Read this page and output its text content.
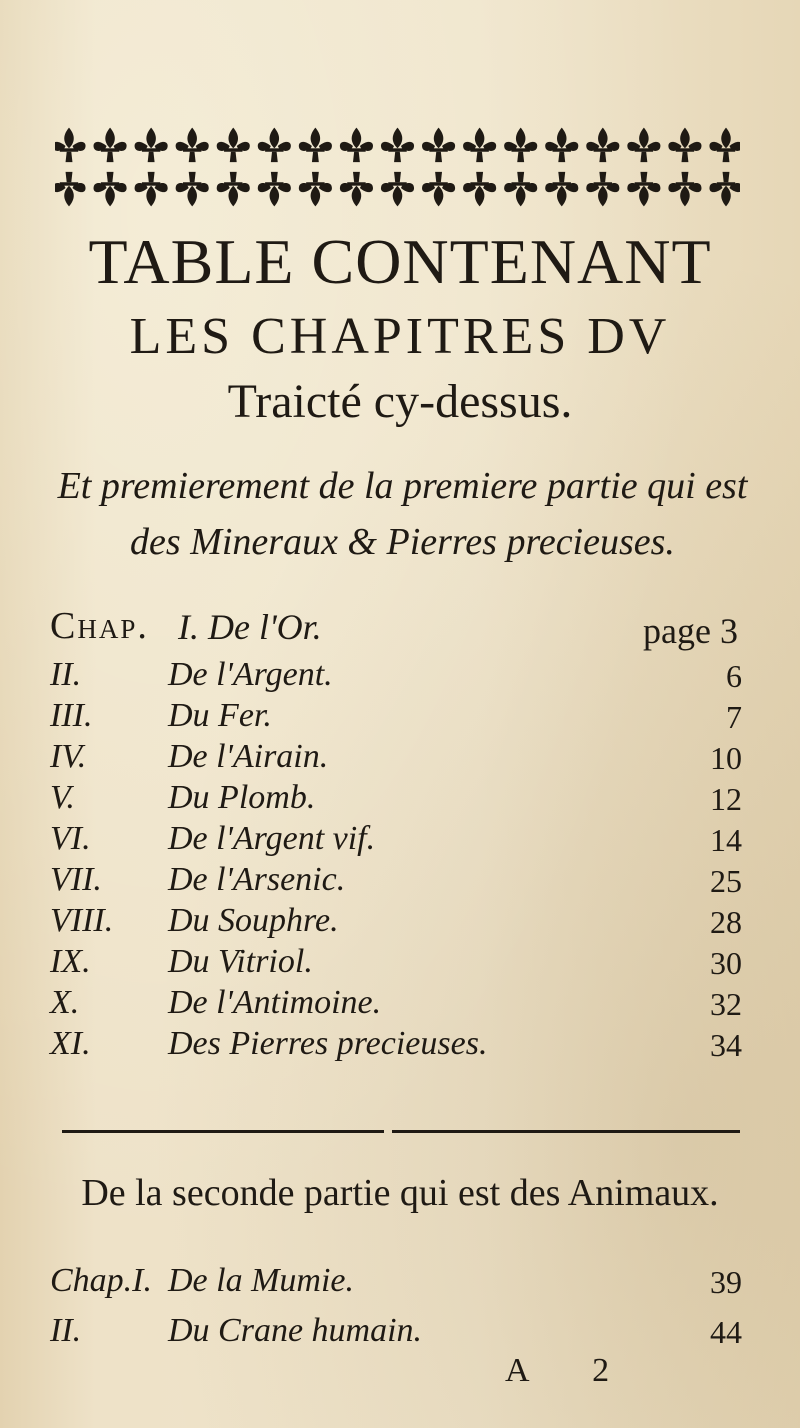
TABLE CONTENANT
LES CHAPITRES DV
Traicté cy-dessus.
Et premierement de la premiere partie qui est
des Mineraux & Pierres precieuses.
Chap. I. De l'Or.	page 3
II.	De l'Argent.	6
III. Du Fer.	7
IV. De l'Airain.	10
V.	Du Plomb.	12
VI. De l'Argent vif.	14
VII. De l'Arsenic.	25
VIII. Du Souphre.	28
IX. Du Vitriol.	30
X.	De l'Antimoine.	32
XI. Des Pierres precieuses.	34
De la seconde partie qui est des Animaux.
Chap.I. De la Mumie.	39
II.	Du Crane humain.	44
A 2
